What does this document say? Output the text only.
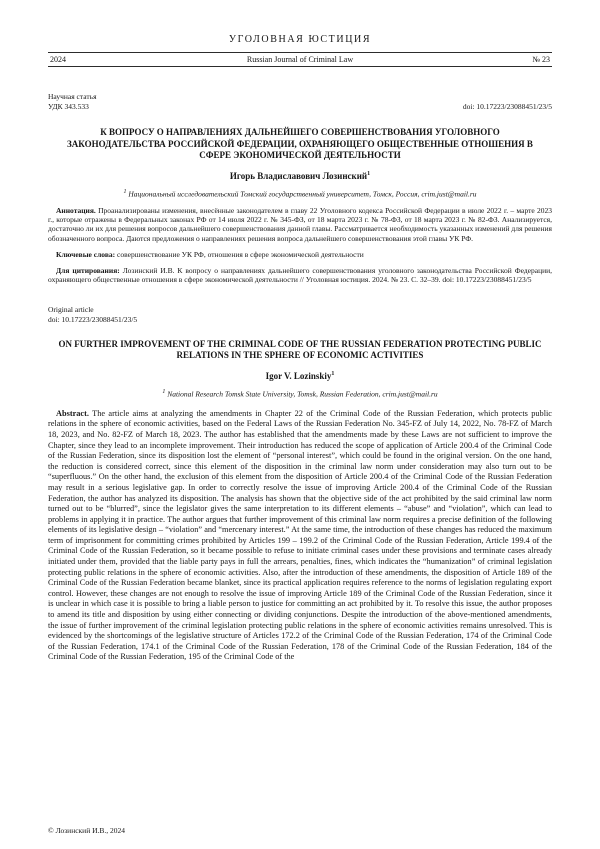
УГОЛОВНАЯ ЮСТИЦИЯ
2024	Russian Journal of Criminal Law	№ 23
Научная статья
УДК 343.533	doi: 10.17223/23088451/23/5
К ВОПРОСУ О НАПРАВЛЕНИЯХ ДАЛЬНЕЙШЕГО СОВЕРШЕНСТВОВАНИЯ УГОЛОВНОГО ЗАКОНОДАТЕЛЬСТВА РОССИЙСКОЙ ФЕДЕРАЦИИ, ОХРАНЯЮЩЕГО ОБЩЕСТВЕННЫЕ ОТНОШЕНИЯ В СФЕРЕ ЭКОНОМИЧЕСКОЙ ДЕЯТЕЛЬНОСТИ
Игорь Владиславович Лозинский$^1$
$^1$ Национальный исследовательский Томский государственный университет, Томск, Россия, crim.just@mail.ru

Аннотация. Проанализированы изменения, внесённые законодателем в главу 22 Уголовного кодекса Российской Федерации в июле 2022 г. – марте 2023 г., которые отражены в Федеральных законах РФ от 14 июля 2022 г. № 345-ФЗ, от 18 марта 2023 г. № 78-ФЗ, от 18 марта 2023 г. № 82-ФЗ. Анализируется, достаточно ли их для решения вопросов дальнейшего совершенствования данной главы. Рассматривается необходимость указанных изменений для решения обозначенного вопроса. Даются предложения о направлениях решения вопроса дальнейшего совершенствования этой главы УК РФ.

Ключевые слова: совершенствование УК РФ, отношения в сфере экономической деятельности

Для цитирования: Лозинский И.В. К вопросу о направлениях дальнейшего совершенствования уголовного законодательства Российской Федерации, охраняющего общественные отношения в сфере экономической деятельности // Уголовная юстиция. 2024. № 23. С. 32–39. doi: 10.17223/23088451/23/5

Original article
doi: 10.17223/23088451/23/5
ON FURTHER IMPROVEMENT OF THE CRIMINAL CODE OF THE RUSSIAN FEDERATION PROTECTING PUBLIC RELATIONS IN THE SPHERE OF ECONOMIC ACTIVITIES
Igor V. Lozinskiy$^1$
$^1$ National Research Tomsk State University, Tomsk, Russian Federation, crim.just@mail.ru

Abstract. The article aims at analyzing the amendments in Chapter 22 of the Criminal Code of the Russian Federation, which protects public relations in the sphere of economic activities, based on the Federal Laws of the Russian Federation No. 345-FZ of July 14, 2022, No. 78-FZ of March 18, 2023, and No. 82-FZ of March 18, 2023. The author has established that the amendments made by these Laws are not sufficient to improve the Chapter, since they lead to an incomplete improvement. Their introduction has reduced the scope of application of Article 200.4 of the Criminal Code of the Russian Federation, since its disposition lost the element of “personal interest”, which could be found in the original version. On the one hand, the reduction is considered correct, since this element of the disposition in the criminal law norm under consideration may also turn out to be “superfluous.” On the other hand, the exclusion of this element from the disposition of Article 200.4 of the Criminal Code of the Russian Federation may result in a serious legislative gap. In order to correctly resolve the issue of improving Article 200.4 of the Criminal Code of the Russian Federation, the author has analyzed its disposition. The analysis has shown that the objective side of the act prohibited by the said criminal law norm turned out to be “blurred”, since the legislator gives the same interpretation to its different elements – “abuse” and “violation”, which can lead to problems in applying it in practice. The author argues that further improvement of this criminal law norm requires a precise definition of the following elements of its legislative design – “violation” and “mercenary interest.” At the same time, the introduction of these changes has reduced the maximum term of imprisonment for committing crimes prohibited by Articles 199 – 199.2 of the Criminal Code of the Russian Federation, Article 199.4 of the Criminal Code of the Russian Federation, so it became possible to refuse to initiate criminal cases under these provisions and terminate cases already initiated under them, provided that the liable party pays in full the arrears, penalties, fines, which indicates the “humanization” of criminal legislation protecting public relations in the sphere of economic activities. Also, after the introduction of these amendments, the disposition of Article 189 of the Criminal Code of the Russian Federation became blanket, since its practical application requires reference to the norms of legislation regulating export control. However, these changes are not enough to resolve the issue of improving Article 189 of the Criminal Code of the Russian Federation, since it is unclear in which case it is possible to bring a liable person to justice for committing an act prohibited by it. To resolve this issue, the author proposes to amend its title and disposition by using either connecting or dividing conjunctions. Despite the introduction of the above-mentioned amendments, the issue of further improvement of the criminal legislation protecting public relations in the sphere of economic activities remains unresolved. This is evidenced by the shortcomings of the legislative structure of Articles 172.2 of the Criminal Code of the Russian Federation, 174 of the Criminal Code of the Russian Federation, 174.1 of the Criminal Code of the Russian Federation, 178 of the Criminal Code of the Russian Federation, 184 of the Criminal Code of the Russian Federation, 195 of the Criminal Code of the

© Лозинский И.В., 2024
